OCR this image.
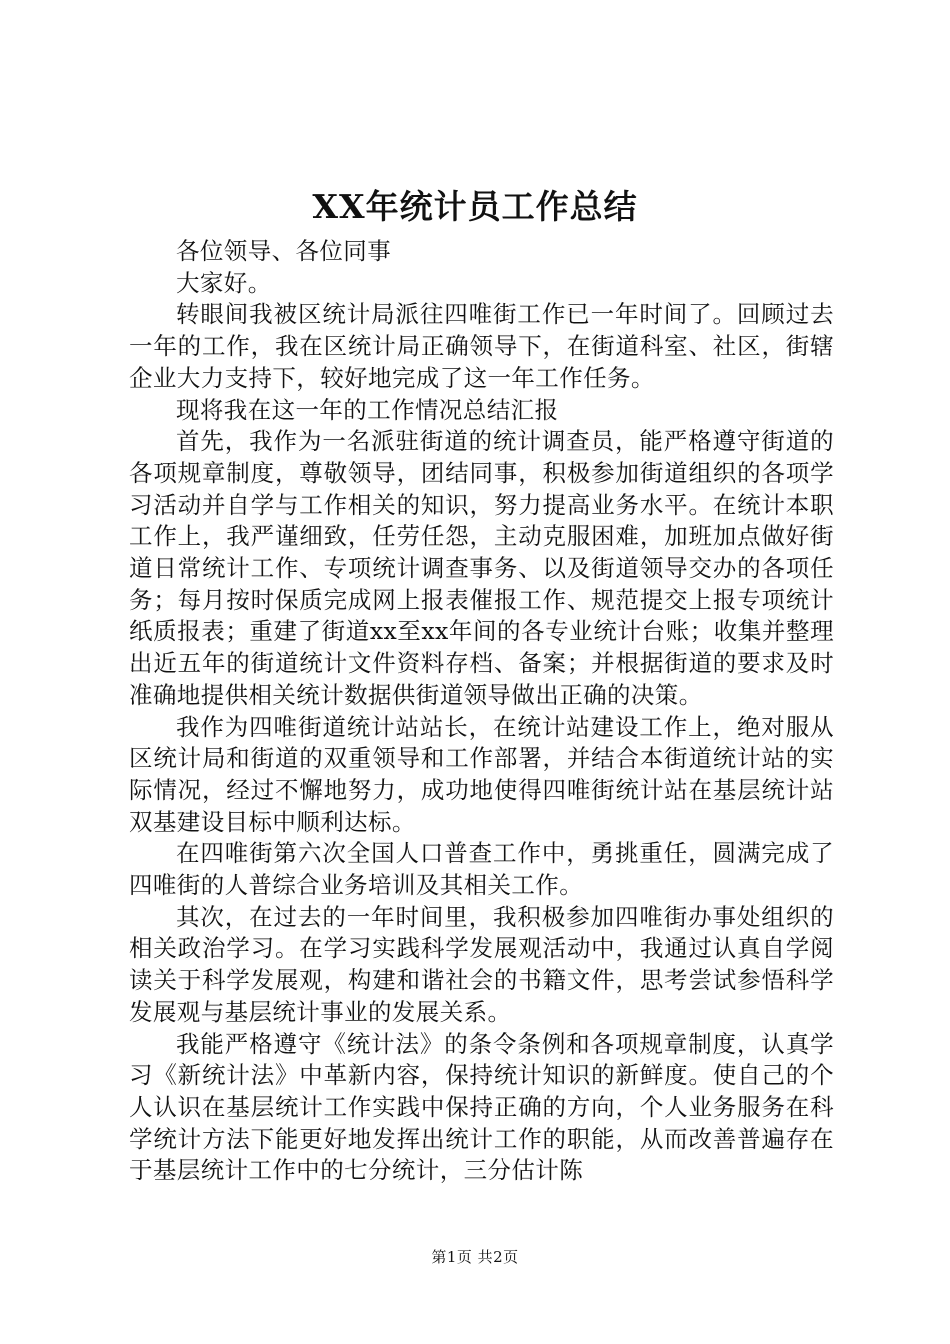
XX年统计员工作总结

各位领导、各位同事

大家好。

转眼间我被区统计局派往四唯街工作已一年时间了。回顾过去一年的工作，我在区统计局正确领导下，在街道科室、社区，街辖企业大力支持下，较好地完成了这一年工作任务。

现将我在这一年的工作情况总结汇报

首先，我作为一名派驻街道的统计调查员，能严格遵守街道的各项规章制度，尊敬领导，团结同事，积极参加街道组织的各项学习活动并自学与工作相关的知识，努力提高业务水平。在统计本职工作上，我严谨细致，任劳任怨，主动克服困难，加班加点做好街道日常统计工作、专项统计调查事务、以及街道领导交办的各项任务；每月按时保质完成网上报表催报工作、规范提交上报专项统计纸质报表；重建了街道xx至xx年间的各专业统计台账；收集并整理出近五年的街道统计文件资料存档、备案；并根据街道的要求及时准确地提供相关统计数据供街道领导做出正确的决策。

我作为四唯街道统计站站长，在统计站建设工作上，绝对服从区统计局和街道的双重领导和工作部署，并结合本街道统计站的实际情况，经过不懈地努力，成功地使得四唯街统计站在基层统计站双基建设目标中顺利达标。

在四唯街第六次全国人口普查工作中，勇挑重任，圆满完成了四唯街的人普综合业务培训及其相关工作。

其次，在过去的一年时间里，我积极参加四唯街办事处组织的相关政治学习。在学习实践科学发展观活动中，我通过认真自学阅读关于科学发展观，构建和谐社会的书籍文件，思考尝试参悟科学发展观与基层统计事业的发展关系。

我能严格遵守《统计法》的条令条例和各项规章制度，认真学习《新统计法》中革新内容，保持统计知识的新鲜度。使自己的个人认识在基层统计工作实践中保持正确的方向，个人业务服务在科学统计方法下能更好地发挥出统计工作的职能，从而改善普遍存在于基层统计工作中的七分统计，三分估计陈

第1页 共2页
